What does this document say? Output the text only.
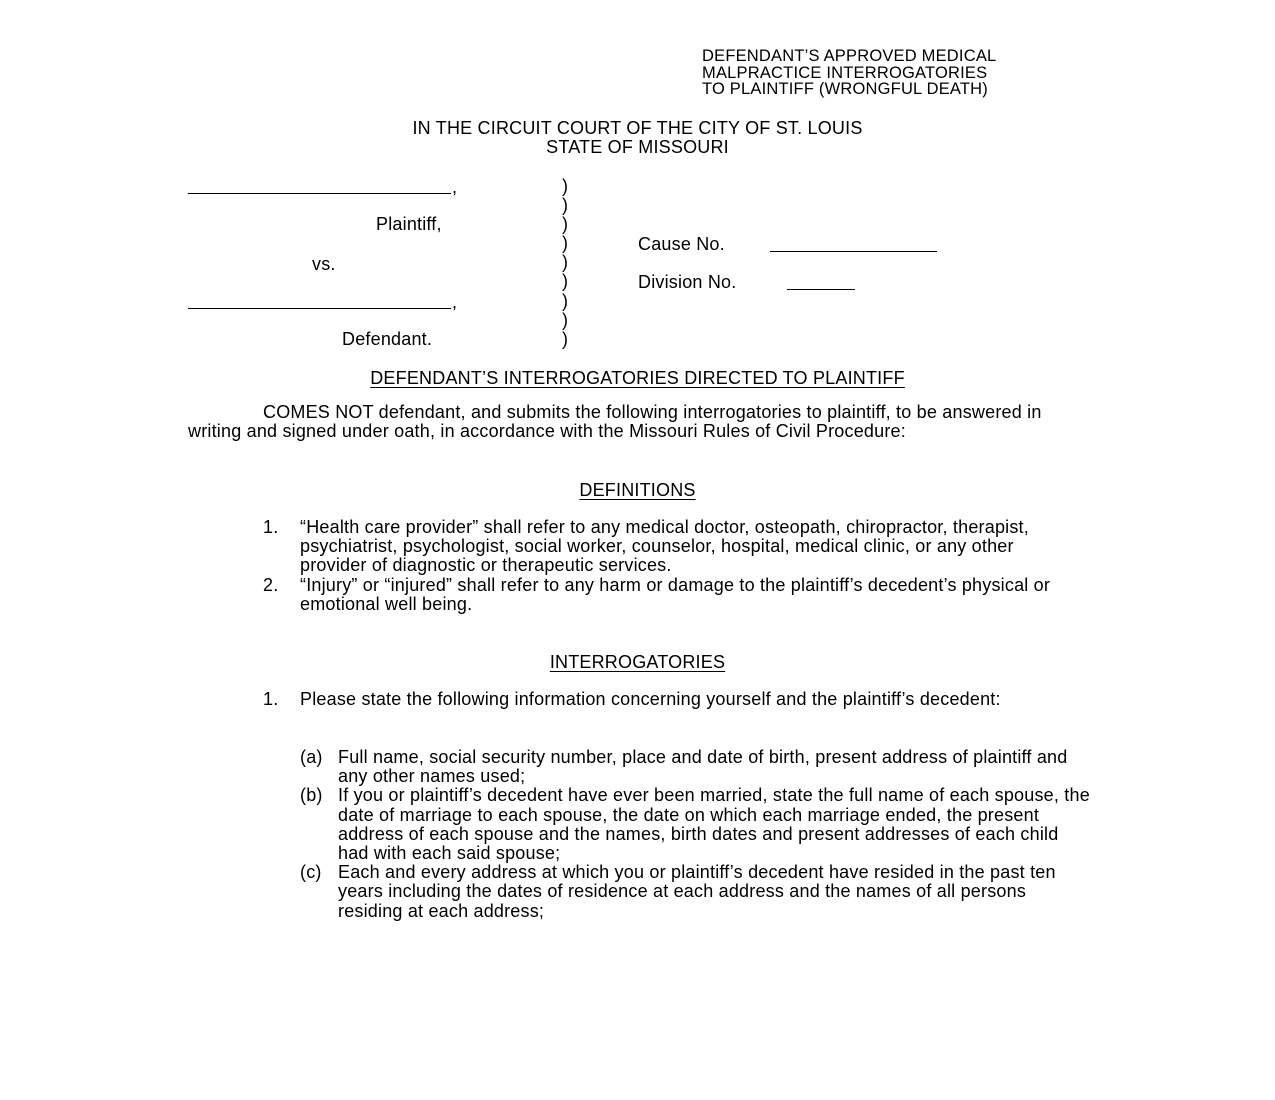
DEFENDANT’S APPROVED MEDICAL
MALPRACTICE INTERROGATORIES
TO PLAINTIFF (WRONGFUL DEATH)
IN THE CIRCUIT COURT OF THE CITY OF ST. LOUIS
STATE OF MISSOURI
,
Plaintiff,
vs.
,
Defendant.
)
)
)
)
)
)
)
)
)
Cause No.
Division No.
DEFENDANT’S INTERROGATORIES DIRECTED TO PLAINTIFF
COMES NOT defendant, and submits the following interrogatories to plaintiff, to be answered in writing and signed under oath, in accordance with the Missouri Rules of Civil Procedure:
DEFINITIONS
1. “Health care provider” shall refer to any medical doctor, osteopath, chiropractor, therapist, psychiatrist, psychologist, social worker, counselor, hospital, medical clinic, or any other provider of diagnostic or therapeutic services.
2. “Injury” or “injured” shall refer to any harm or damage to the plaintiff’s decedent’s physical or emotional well being.
INTERROGATORIES
1. Please state the following information concerning yourself and the plaintiff’s decedent:
(a) Full name, social security number, place and date of birth, present address of plaintiff and any other names used;
(b) If you or plaintiff’s decedent have ever been married, state the full name of each spouse, the date of marriage to each spouse, the date on which each marriage ended, the present address of each spouse and the names, birth dates and present addresses of each child had with each said spouse;
(c) Each and every address at which you or plaintiff’s decedent have resided in the past ten years including the dates of residence at each address and the names of all persons residing at each address;
